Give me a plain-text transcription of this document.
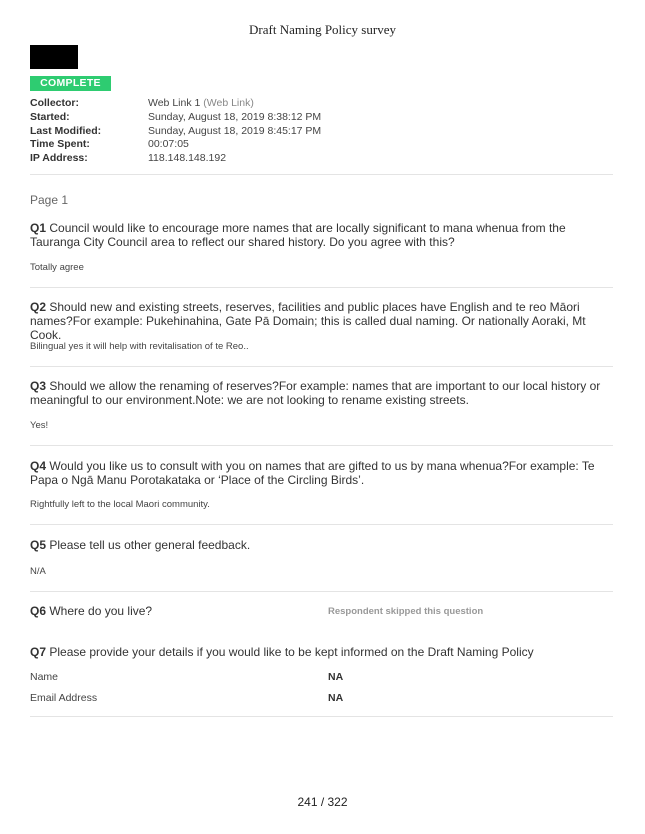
Draft Naming Policy survey
COMPLETE
Collector:	Web Link 1 (Web Link)
Started:	Sunday, August 18, 2019 8:38:12 PM
Last Modified:	Sunday, August 18, 2019 8:45:17 PM
Time Spent:	00:07:05
IP Address:	118.148.148.192
Page 1
Q1 Council would like to encourage more names that are locally significant to mana whenua from the Tauranga City Council area to reflect our shared history. Do you agree with this?
Totally agree
Q2 Should new and existing streets, reserves, facilities and public places have English and te reo Māori names?For example: Pukehinahina, Gate Pā Domain; this is called dual naming. Or nationally Aoraki, Mt Cook.
Bilingual yes it will help with revitalisation of te Reo..
Q3 Should we allow the renaming of reserves?For example: names that are important to our local history or meaningful to our environment.Note: we are not looking to rename existing streets.
Yes!
Q4 Would you like us to consult with you on names that are gifted to us by mana whenua?For example: Te Papa o Ngā Manu Porotakataka or ‘Place of the Circling Birds’.
Rightfully left to the local Maori community.
Q5 Please tell us other general feedback.
N/A
Q6 Where do you live?	Respondent skipped this question
Q7 Please provide your details if you would like to be kept informed on the Draft Naming Policy
Name	NA
Email Address	NA
241 / 322
